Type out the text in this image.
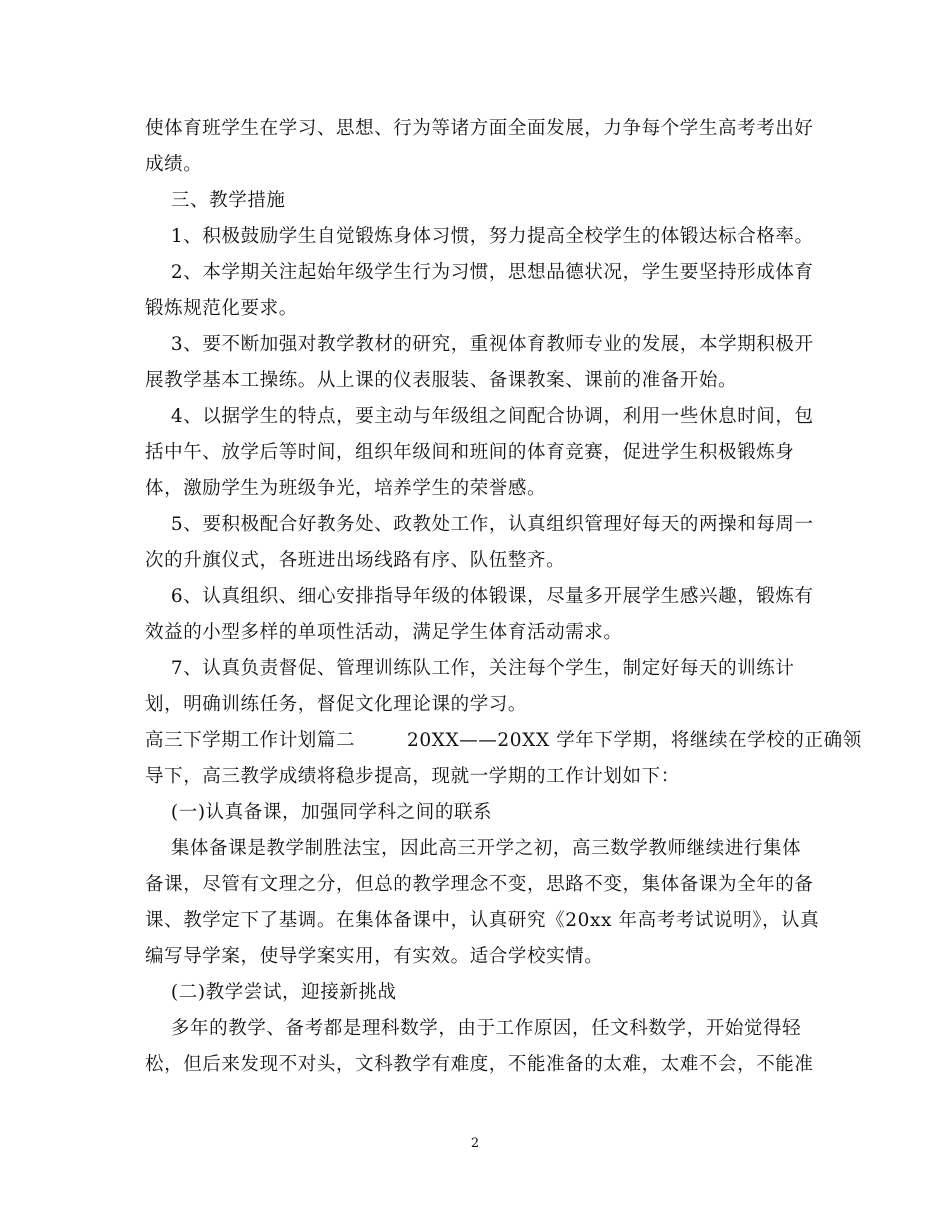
使体育班学生在学习、思想、行为等诸方面全面发展，力争每个学生高考考出好

成绩。

三、教学措施

1、积极鼓励学生自觉锻炼身体习惯，努力提高全校学生的体锻达标合格率。

2、本学期关注起始年级学生行为习惯，思想品德状况，学生要坚持形成体育

锻炼规范化要求。

3、要不断加强对教学教材的研究，重视体育教师专业的发展，本学期积极开

展教学基本工操练。从上课的仪表服装、备课教案、课前的准备开始。

4、以据学生的特点，要主动与年级组之间配合协调，利用一些休息时间，包

括中午、放学后等时间，组织年级间和班间的体育竞赛，促进学生积极锻炼身

体，激励学生为班级争光，培养学生的荣誉感。

5、要积极配合好教务处、政教处工作，认真组织管理好每天的两操和每周一

次的升旗仪式，各班进出场线路有序、队伍整齐。

6、认真组织、细心安排指导年级的体锻课，尽量多开展学生感兴趣，锻炼有

效益的小型多样的单项性活动，满足学生体育活动需求。

7、认真负责督促、管理训练队工作，关注每个学生，制定好每天的训练计

划，明确训练任务，督促文化理论课的学习。

高三下学期工作计划篇二        20XX——20XX 学年下学期，将继续在学校的正确领

导下，高三教学成绩将稳步提高，现就一学期的工作计划如下：

(一)认真备课，加强同学科之间的联系

集体备课是教学制胜法宝，因此高三开学之初，高三数学教师继续进行集体

备课，尽管有文理之分，但总的教学理念不变，思路不变，集体备课为全年的备

课、教学定下了基调。在集体备课中，认真研究《20xx 年高考考试说明》，认真

编写导学案，使导学案实用，有实效。适合学校实情。

(二)教学尝试，迎接新挑战

多年的教学、备考都是理科数学，由于工作原因，任文科数学，开始觉得轻

松，但后来发现不对头，文科教学有难度，不能准备的太难，太难不会，不能准

2
